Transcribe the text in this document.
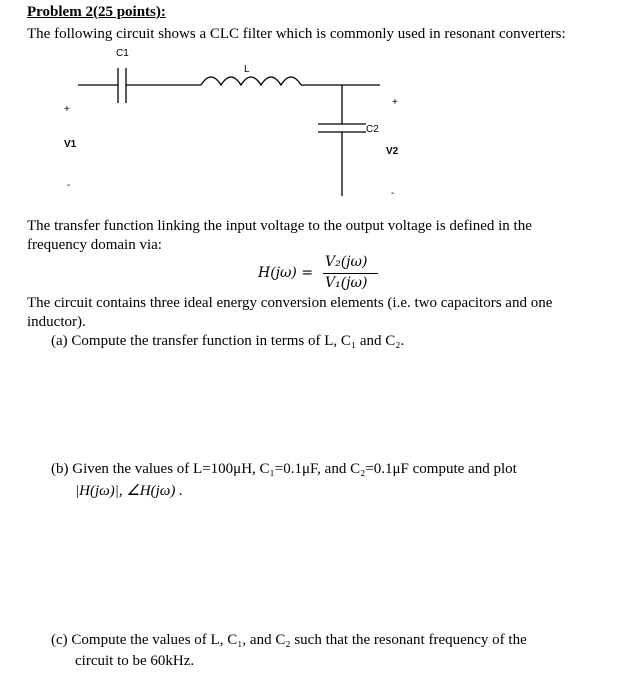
Problem 2(25 points):
The following circuit shows a CLC filter which is commonly used in resonant converters:
C1
L
C2
+
V1
-
+
V2
-
The transfer function linking the input voltage to the output voltage is defined in the
frequency domain via:
H(jω) =
V₂(jω)
V₁(jω)
The circuit contains three ideal energy conversion elements (i.e. two capacitors and one
inductor).
(a) Compute the transfer function in terms of L, C₁ and C₂.
(b) Given the values of L=100μH, C₁=0.1μF, and C₂=0.1μF compute and plot
|H(jω)|, ∠H(jω) .
(c) Compute the values of L, C₁, and C₂ such that the resonant frequency of the
circuit to be 60kHz.
